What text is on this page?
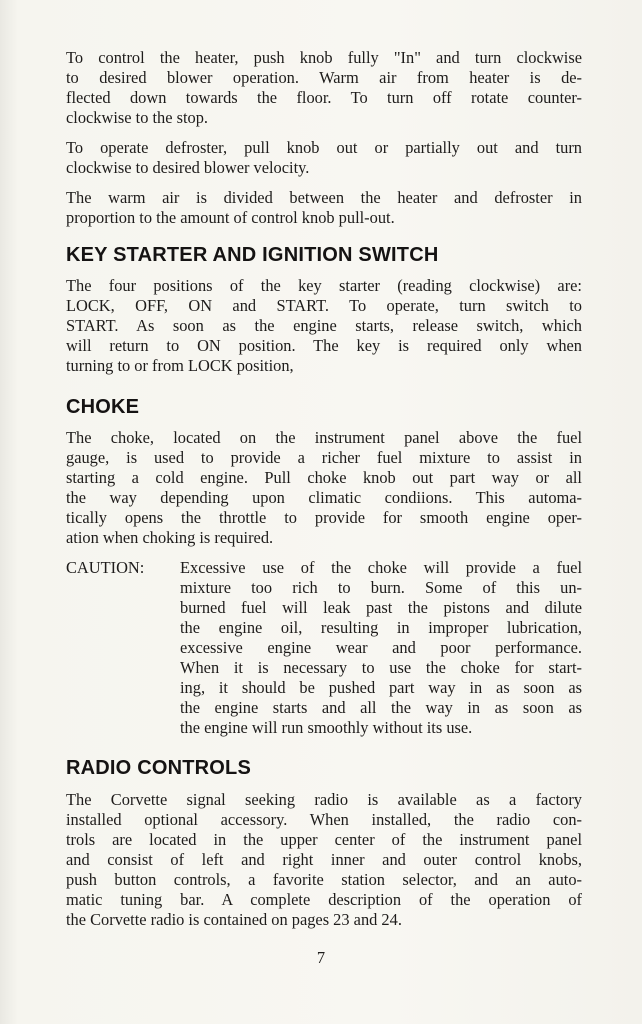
To control the heater, push knob fully "In" and turn clockwise
to desired blower operation. Warm air from heater is de-
flected down towards the floor. To turn off rotate counter-
clockwise to the stop.
To operate defroster, pull knob out or partially out and turn
clockwise to desired blower velocity.
The warm air is divided between the heater and defroster in
proportion to the amount of control knob pull-out.
KEY STARTER AND IGNITION SWITCH
The four positions of the key starter (reading clockwise) are:
LOCK, OFF, ON and START. To operate, turn switch to
START. As soon as the engine starts, release switch, which
will return to ON position. The key is required only when
turning to or from LOCK position,
CHOKE
The choke, located on the instrument panel above the fuel
gauge, is used to provide a richer fuel mixture to assist in
starting a cold engine. Pull choke knob out part way or all
the way depending upon climatic condiions. This automa-
tically opens the throttle to provide for smooth engine oper-
ation when choking is required.
CAUTION: Excessive use of the choke will provide a fuel
mixture too rich to burn. Some of this un-
burned fuel will leak past the pistons and dilute
the engine oil, resulting in improper lubrication,
excessive engine wear and poor performance.
When it is necessary to use the choke for start-
ing, it should be pushed part way in as soon as
the engine starts and all the way in as soon as
the engine will run smoothly without its use.
RADIO CONTROLS
The Corvette signal seeking radio is available as a factory
installed optional accessory. When installed, the radio con-
trols are located in the upper center of the instrument panel
and consist of left and right inner and outer control knobs,
push button controls, a favorite station selector, and an auto-
matic tuning bar. A complete description of the operation of
the Corvette radio is contained on pages 23 and 24.
7
